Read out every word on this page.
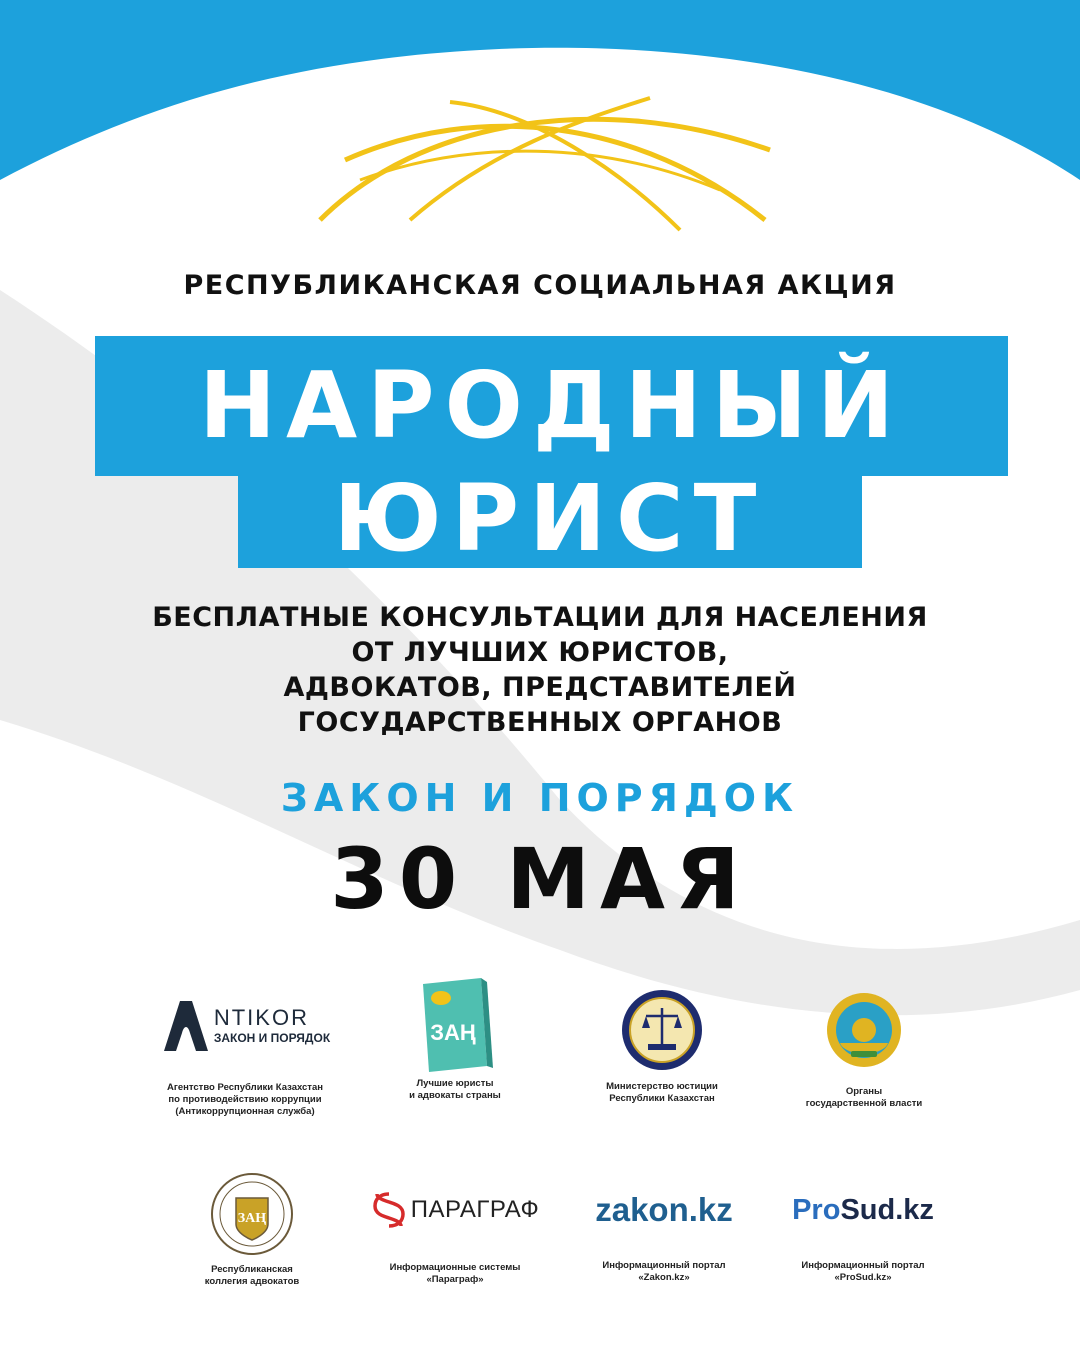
РЕСПУБЛИКАНСКАЯ СОЦИАЛЬНАЯ АКЦИЯ
НАРОДНЫЙ
ЮРИСТ
БЕСПЛАТНЫЕ КОНСУЛЬТАЦИИ ДЛЯ НАСЕЛЕНИЯ
ОТ ЛУЧШИХ ЮРИСТОВ,
АДВОКАТОВ, ПРЕДСТАВИТЕЛЕЙ
ГОСУДАРСТВЕННЫХ ОРГАНОВ
ЗАКОН И ПОРЯДОК
30 МАЯ
NTIKOR
ЗАКОН И ПОРЯДОК
Агентство Республики Казахстан
по противодействию коррупции
(Антикоррупционная служба)
ЗАҢ
Лучшие юристы
и адвокаты страны
Министерство юстиции
Республики Казахстан
Органы
государственной власти
ЗАҢ
Республиканская
коллегия адвокатов
ПАРАГРАФ
Информационные системы
«Параграф»
zakon.kz
Информационный портал
«Zakon.kz»
ProSud.kz
Информационный портал
«ProSud.kz»
